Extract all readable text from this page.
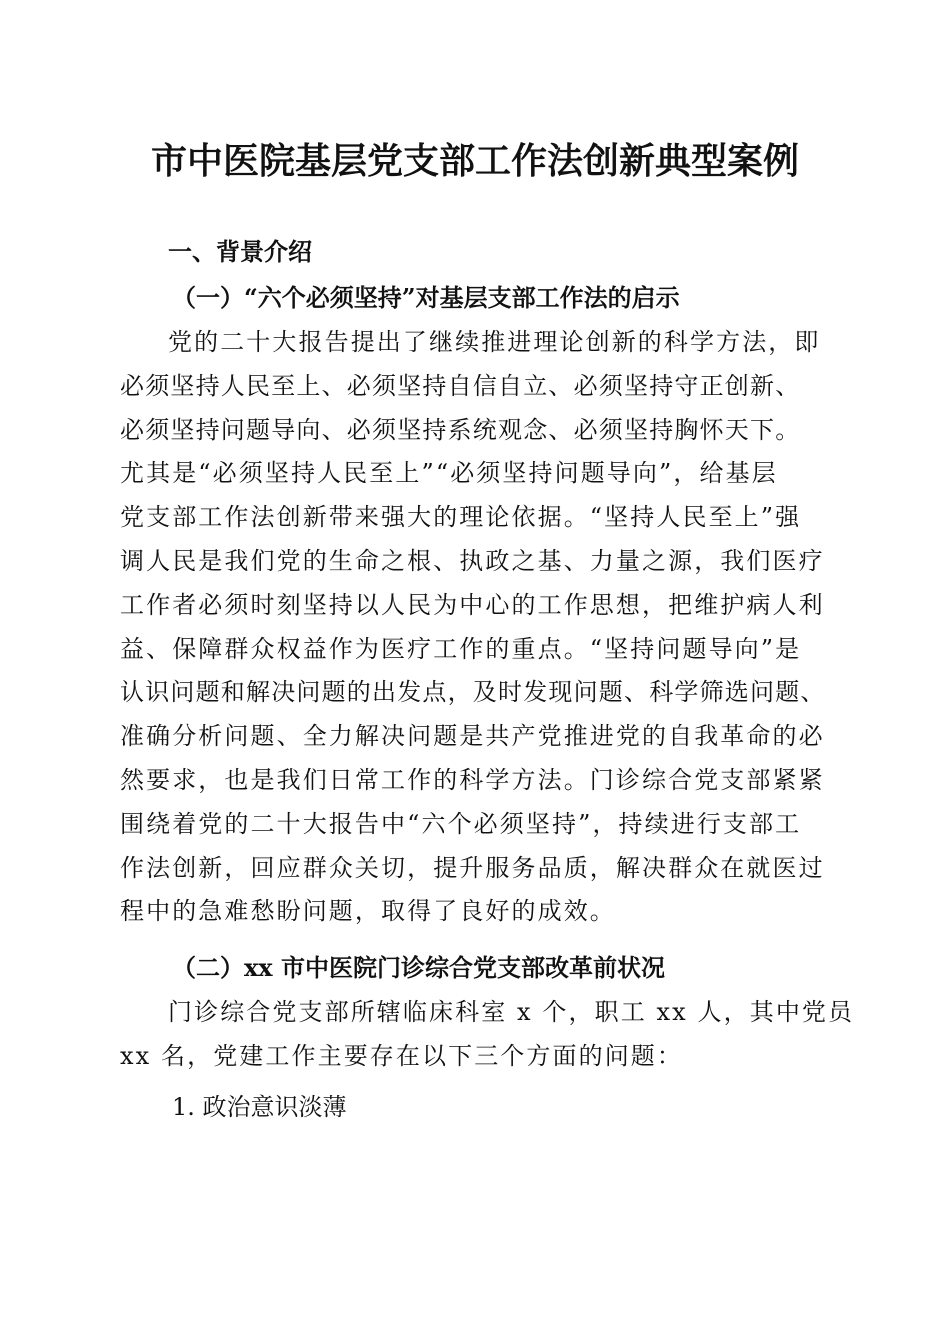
市中医院基层党支部工作法创新典型案例
一、背景介绍
（一）“六个必须坚持”对基层支部工作法的启示
党的二十大报告提出了继续推进理论创新的科学方法，即
必须坚持人民至上、必须坚持自信自立、必须坚持守正创新、
必须坚持问题导向、必须坚持系统观念、必须坚持胸怀天下。
尤其是“必须坚持人民至上”“必须坚持问题导向”，给基层
党支部工作法创新带来强大的理论依据。“坚持人民至上”强
调人民是我们党的生命之根、执政之基、力量之源，我们医疗
工作者必须时刻坚持以人民为中心的工作思想，把维护病人利
益、保障群众权益作为医疗工作的重点。“坚持问题导向”是
认识问题和解决问题的出发点，及时发现问题、科学筛选问题、
准确分析问题、全力解决问题是共产党推进党的自我革命的必
然要求，也是我们日常工作的科学方法。门诊综合党支部紧紧
围绕着党的二十大报告中“六个必须坚持”，持续进行支部工
作法创新，回应群众关切，提升服务品质，解决群众在就医过
程中的急难愁盼问题，取得了良好的成效。
（二）xx 市中医院门诊综合党支部改革前状况
门诊综合党支部所辖临床科室 x 个，职工 xx 人，其中党员
xx 名，党建工作主要存在以下三个方面的问题：
1. 政治意识淡薄
